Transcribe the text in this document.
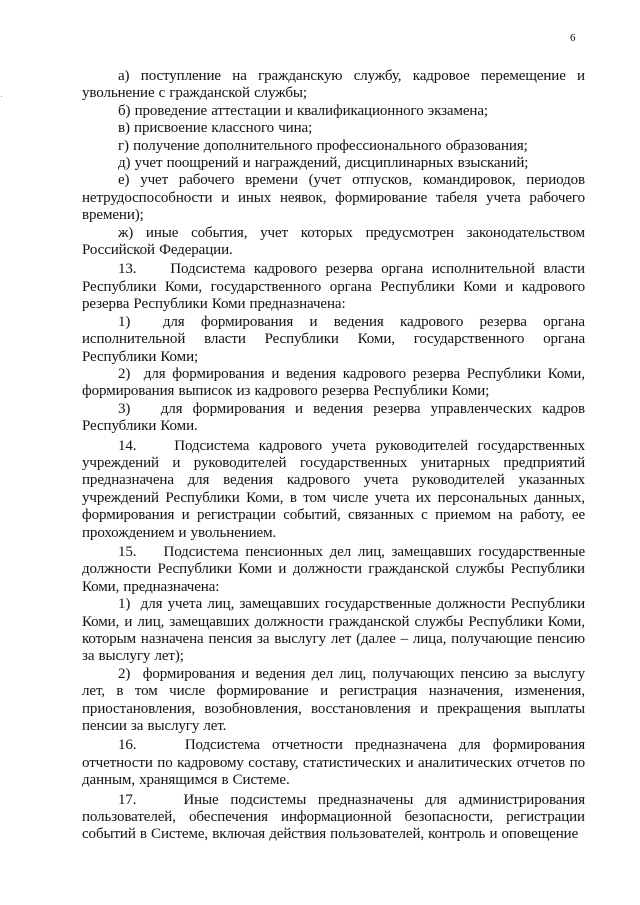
6

а) поступление на гражданскую службу, кадровое перемещение и увольнение с гражданской службы;

б) проведение аттестации и квалификационного экзамена;

в) присвоение классного чина;

г) получение дополнительного профессионального образования;

д) учет поощрений и награждений, дисциплинарных взысканий;

е) учет рабочего времени (учет отпусков, командировок, периодов нетрудоспособности и иных неявок, формирование табеля учета рабочего времени);

ж) иные события, учет которых предусмотрен законодательством Российской Федерации.

13.    Подсистема кадрового резерва органа исполнительной власти Республики Коми, государственного органа Республики Коми и кадрового резерва Республики Коми предназначена:

1)  для формирования и ведения кадрового резерва органа исполнительной власти Республики Коми, государственного органа Республики Коми;

2)  для формирования и ведения кадрового резерва Республики Коми, формирования выписок из кадрового резерва Республики Коми;

3)   для формирования и ведения резерва управленческих кадров Республики Коми.

14.    Подсистема кадрового учета руководителей государственных учреждений и руководителей государственных унитарных предприятий предназначена для ведения кадрового учета руководителей указанных учреждений Республики Коми, в том числе учета их персональных данных, формирования и регистрации событий, связанных с приемом на работу, ее прохождением и увольнением.

15.    Подсистема пенсионных дел лиц, замещавших государственные должности Республики Коми и должности гражданской службы Республики Коми, предназначена:

1)  для учета лиц, замещавших государственные должности Республики Коми, и лиц, замещавших должности гражданской службы Республики Коми, которым назначена пенсия за выслугу лет (далее – лица, получающие пенсию за выслугу лет);

2)  формирования и ведения дел лиц, получающих пенсию за выслугу лет, в том числе формирование и регистрация назначения, изменения, приостановления, возобновления, восстановления и прекращения выплаты пенсии за выслугу лет.

16.    Подсистема отчетности предназначена для формирования отчетности по кадровому составу, статистических и аналитических отчетов по данным, хранящимся в Системе.

17.    Иные подсистемы предназначены для администрирования пользователей, обеспечения информационной безопасности, регистрации событий в Системе, включая действия пользователей, контроль и оповещение
